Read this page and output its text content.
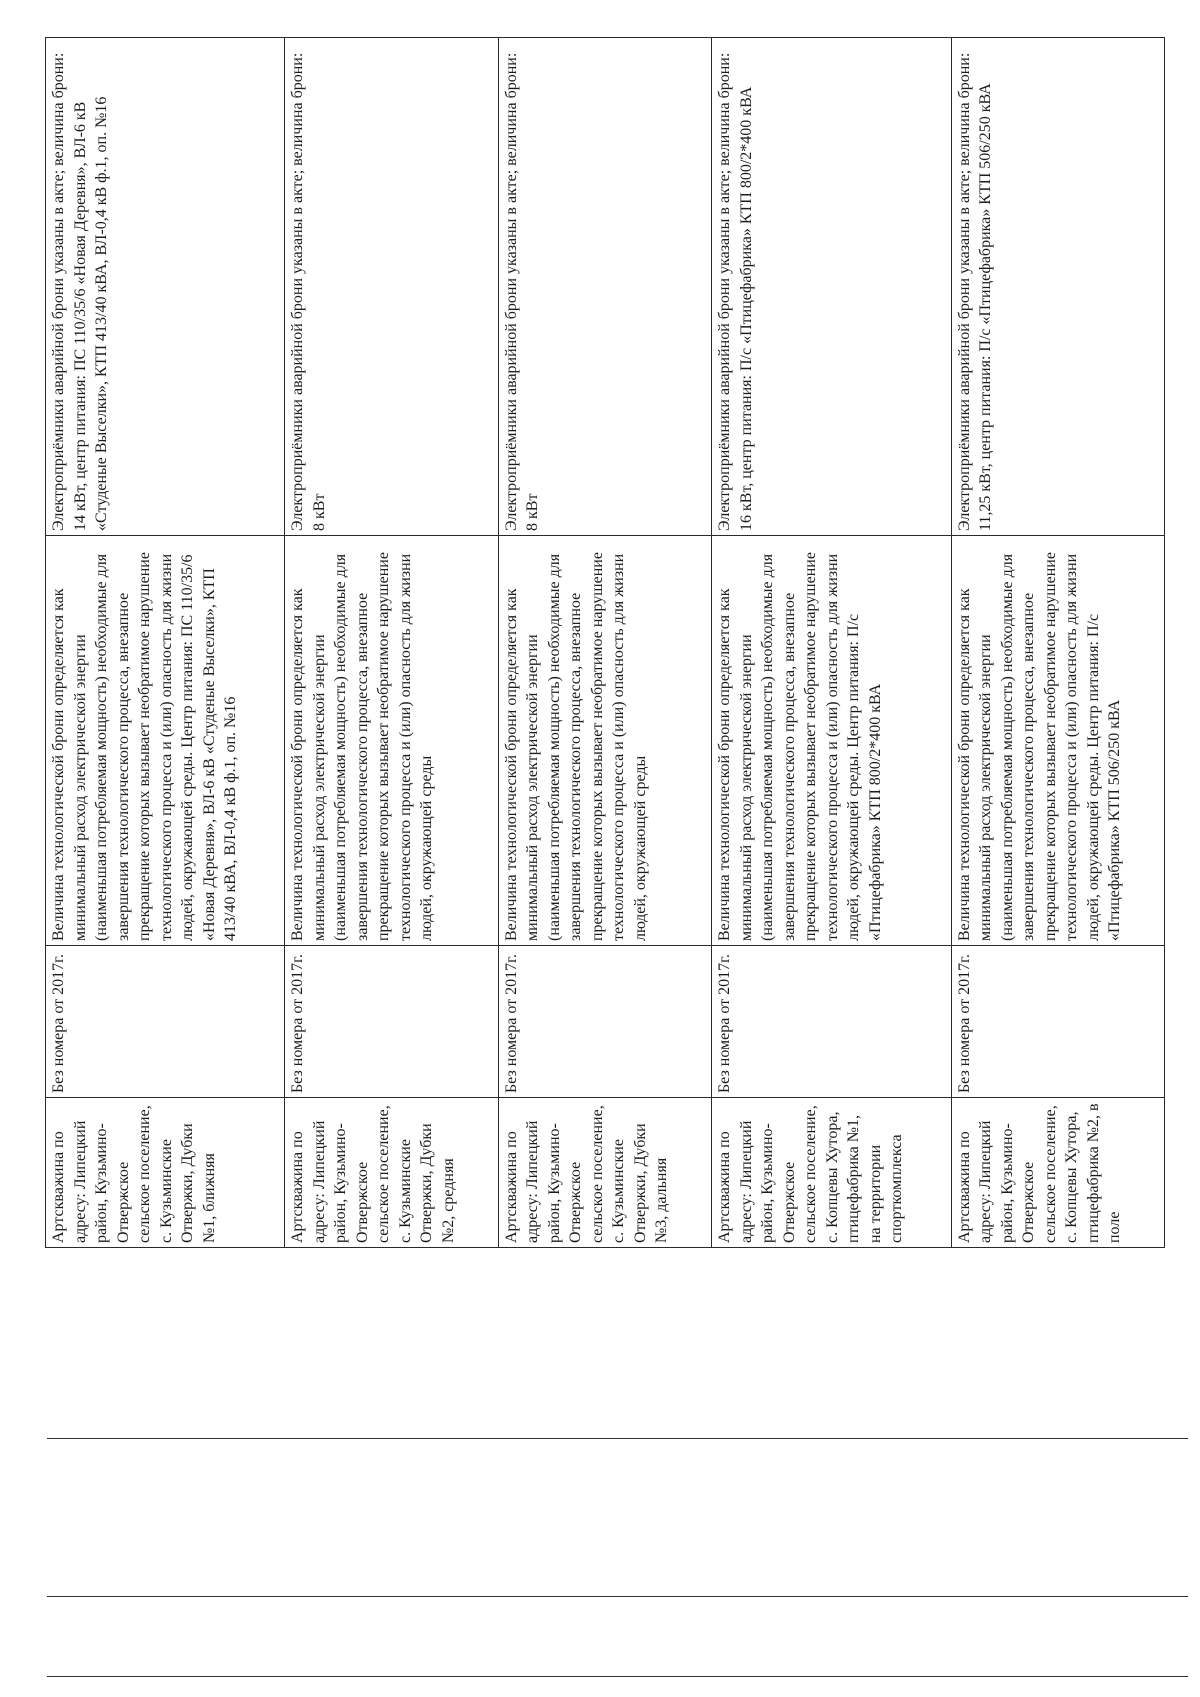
Артскважина по адресу: Липецкий район, Кузьмино-Отвержское сельское поселение, с. Кузьминские Отвержки, Дубки №1, ближняя	Без номера от 2017г.	Величина технологической брони определяется как минимальный расход электрической энергии (наименьшая потребляемая мощность) необходимые для завершения технологического процесса, внезапное прекращение которых вызывает необратимое нарушение технологического процесса и (или) опасность для жизни людей, окружающей среды. Центр питания: ПС 110/35/6 «Новая Деревня», ВЛ-6 кВ «Студеные Выселки», КТП 413/40 кВА, ВЛ-0,4 кВ ф.1, оп. №16	Электроприёмники аварийной брони указаны в акте; величина брони: 14 кВт, центр питания: ПС 110/35/6 «Новая Деревня», ВЛ-6 кВ «Студеные Выселки», КТП 413/40 кВА, ВЛ-0,4 кВ ф.1, оп. №16
Артскважина по адресу: Липецкий район, Кузьмино-Отвержское сельское поселение, с. Кузьминские Отвержки, Дубки №2, средняя	Без номера от 2017г.	Величина технологической брони определяется как минимальный расход электрической энергии (наименьшая потребляемая мощность) необходимые для завершения технологического процесса, внезапное прекращение которых вызывает необратимое нарушение технологического процесса и (или) опасность для жизни людей, окружающей среды	Электроприёмники аварийной брони указаны в акте; величина брони: 8 кВт
Артскважина по адресу: Липецкий район, Кузьмино-Отвержское сельское поселение, с. Кузьминские Отвержки, Дубки №3, дальняя	Без номера от 2017г.	Величина технологической брони определяется как минимальный расход электрической энергии (наименьшая потребляемая мощность) необходимые для завершения технологического процесса, внезапное прекращение которых вызывает необратимое нарушение технологического процесса и (или) опасность для жизни людей, окружающей среды	Электроприёмники аварийной брони указаны в акте; величина брони: 8 кВт
Артскважина по адресу: Липецкий район, Кузьмино-Отвержское сельское поселение, с. Копцевы Хутора, птицефабрика №1, на территории спорткомплекса	Без номера от 2017г.	Величина технологической брони определяется как минимальный расход электрической энергии (наименьшая потребляемая мощность) необходимые для завершения технологического процесса, внезапное прекращение которых вызывает необратимое нарушение технологического процесса и (или) опасность для жизни людей, окружающей среды. Центр питания: П/с «Птицефабрика» КТП 800/2*400 кВА	Электроприёмники аварийной брони указаны в акте; величина брони: 16 кВт, центр питания: П/с «Птицефабрика» КТП 800/2*400 кВА
Артскважина по адресу: Липецкий район, Кузьмино-Отвержское сельское поселение, с. Копцевы Хутора, птицефабрика №2, в поле	Без номера от 2017г.	Величина технологической брони определяется как минимальный расход электрической энергии (наименьшая потребляемая мощность) необходимые для завершения технологического процесса, внезапное прекращение которых вызывает необратимое нарушение технологического процесса и (или) опасность для жизни людей, окружающей среды. Центр питания: П/с «Птицефабрика» КТП 506/250 кВА	Электроприёмники аварийной брони указаны в акте; величина брони: 11,25 кВт, центр питания: П/с «Птицефабрика» КТП 506/250 кВА
